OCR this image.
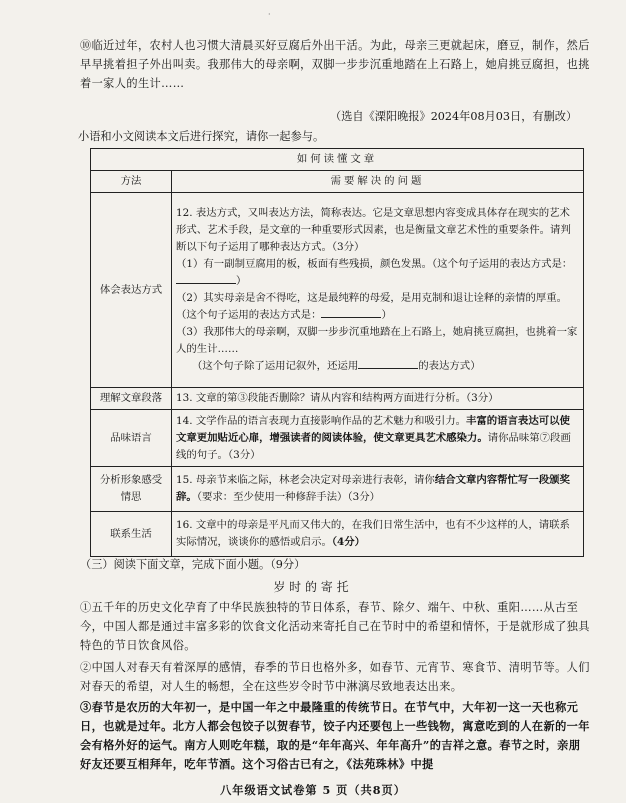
·
⑩临近过年，农村人也习惯大清晨买好豆腐后外出干活。为此，母亲三更就起床，磨豆，制作，然后早早挑着担子外出叫卖。我那伟大的母亲啊，双脚一步步沉重地踏在上石路上，她肩挑豆腐担，也挑着一家人的生计……
（选自《溧阳晚报》2024年08月03日，有删改）
小语和小文阅读本文后进行探究，请你一起参与。
如何读懂文章	
方法	需要解决的问题
体会表达方式	12. 表达方式，又叫表达方法，简称表达。它是文章思想内容变成具体存在现实的艺术形式、艺术手段，是文章的一种重要形式因素，也是衡量文章艺术性的重要条件。请判断以下句子运用了哪种表达方式。（3分）
（1）有一副制豆腐用的板，板面有些残损，颜色发黑。（这个句子运用的表达方式是：）
（2）其实母亲是舍不得吃，这是最纯粹的母爱，是用克制和退让诠释的亲情的厚重。（这个句子运用的表达方式是： ）
（3）我那伟大的母亲啊，双脚一步步沉重地踏在上石路上，她肩挑豆腐担，也挑着一家人的生计……
（这个句子除了运用记叙外，还运用 的表达方式）

理解文章段落	13. 文章的第③段能否删除？请从内容和结构两方面进行分析。（3分）
品味语言	14. 文学作品的语言表现力直接影响作品的艺术魅力和吸引力。丰富的语言表达可以使文章更加贴近心扉，增强读者的阅读体验，使文章更具艺术感染力。请你品味第⑦段画线的句子。（3分）
分析形象感受情思	15. 母亲节来临之际，林老会决定对母亲进行表彰，请你结合文章内容帮忙写一段颁奖辞。（要求：至少使用一种修辞手法）（3分）
联系生活	16. 文章中的母亲是平凡而又伟大的，在我们日常生活中，也有不少这样的人，请联系实际情况，谈谈你的感悟或启示。（4分）
（三）阅读下面文章，完成下面小题。（9分）
岁时的寄托
①五千年的历史文化孕育了中华民族独特的节日体系，春节、除夕、端午、中秋、重阳……从古至今，中国人都是通过丰富多彩的饮食文化活动来寄托自己在节时中的希望和情怀，于是就形成了独具特色的节日饮食风俗。
②中国人对春天有着深厚的感情，春季的节日也格外多，如春节、元宵节、寒食节、清明节等。人们对春天的希望，对人生的畅想，全在这些岁令时节中淋漓尽致地表达出来。
③春节是农历的大年初一，是中国一年之中最隆重的传统节日。在节气中，大年初一这一天也称元日，也就是过年。北方人都会包饺子以贺春节，饺子内还要包上一些钱物，寓意吃到的人在新的一年会有格外好的运气。南方人则吃年糕，取的是“年年高兴、年年高升”的吉祥之意。春节之时，亲朋好友还要互相拜年，吃年节酒。这个习俗古已有之，《法苑珠林》中提
八年级语文试卷第 5 页（共8页）
